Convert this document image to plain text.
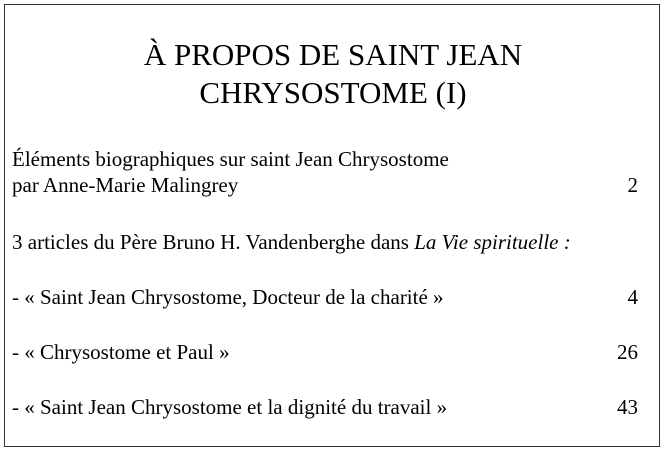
À PROPOS DE SAINT JEAN
CHRYSOSTOME (I)
Éléments biographiques sur saint Jean Chrysostome
par Anne-Marie Malingrey	2
3 articles du Père Bruno H. Vandenberghe dans La Vie spirituelle :
- « Saint Jean Chrysostome, Docteur de la charité »	4
- « Chrysostome et Paul »	26
- « Saint Jean Chrysostome et la dignité du travail »	43
